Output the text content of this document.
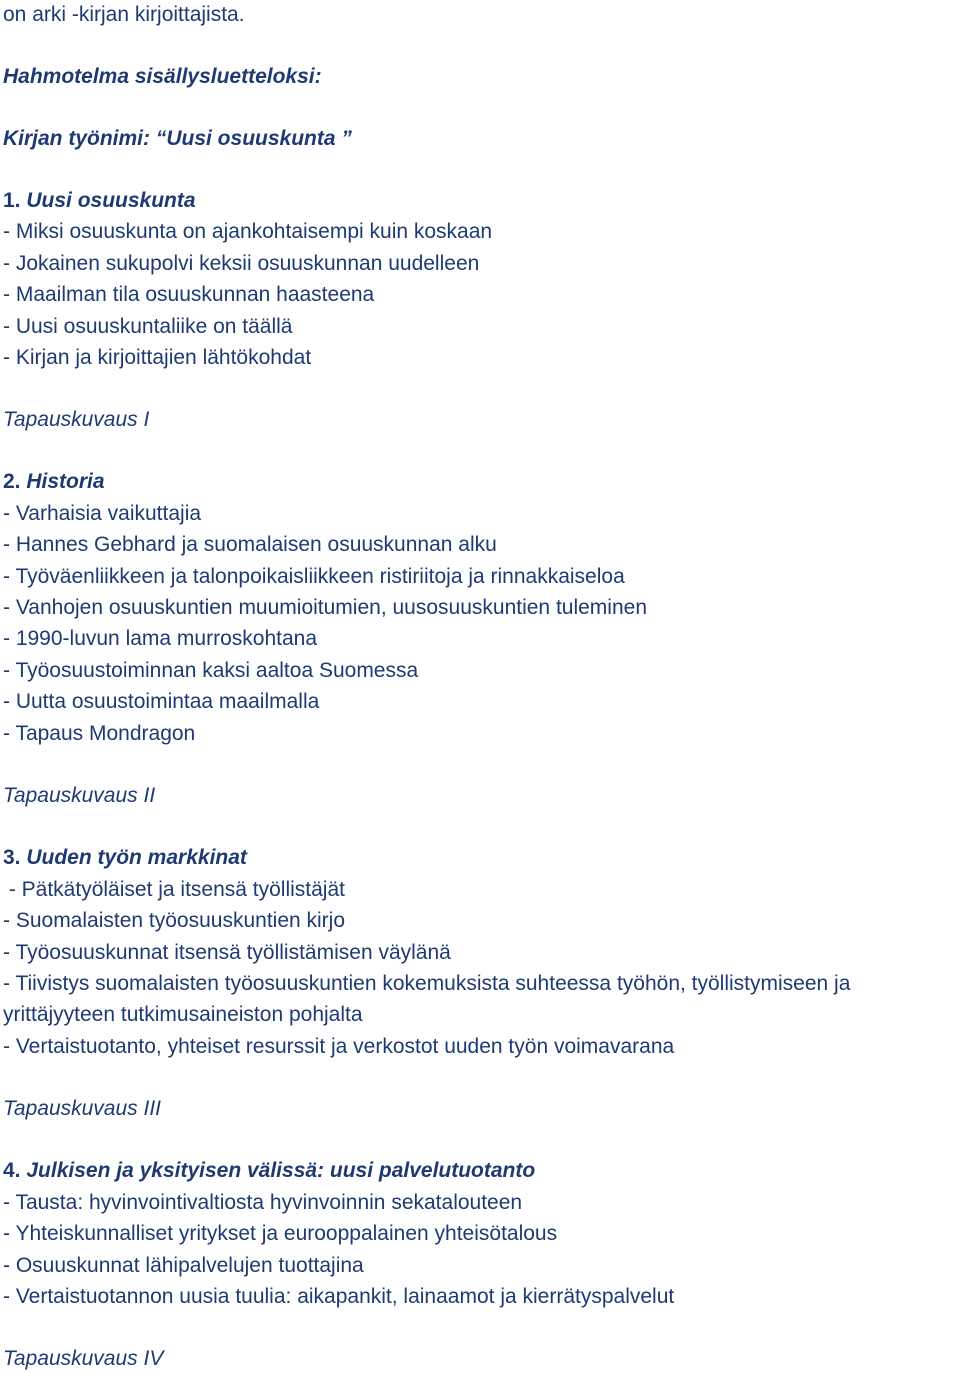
on arki -kirjan kirjoittajista.
Hahmotelma sisällysluetteloksi:
Kirjan työnimi: “Uusi osuuskunta ”
1. Uusi osuuskunta
- Miksi osuuskunta on ajankohtaisempi kuin koskaan
- Jokainen sukupolvi keksii osuuskunnan uudelleen
- Maailman tila osuuskunnan haasteena
- Uusi osuuskuntaliike on täällä
- Kirjan ja kirjoittajien lähtökohdat
Tapauskuvaus I
2. Historia
- Varhaisia vaikuttajia
- Hannes Gebhard ja suomalaisen osuuskunnan alku
- Työväenliikkeen ja talonpoikaisliikkeen ristiriitoja ja rinnakkaiseloa
- Vanhojen osuuskuntien muumioitumien, uusosuuskuntien tuleminen
- 1990-luvun lama murroskohtana
- Työosuustoiminnan kaksi aaltoa Suomessa
- Uutta osuustoimintaa maailmalla
- Tapaus Mondragon
Tapauskuvaus II
3. Uuden työn markkinat
- Pätkätyöläiset ja itsensä työllistäjät
- Suomalaisten työosuuskuntien kirjo
- Työosuuskunnat itsensä työllistämisen väylänä
- Tiivistys suomalaisten työosuuskuntien kokemuksista suhteessa työhön, työllistymiseen ja yrittäjyyteen tutkimusaineiston pohjalta
- Vertaistuotanto, yhteiset resurssit ja verkostot uuden työn voimavarana
Tapauskuvaus III
4. Julkisen ja yksityisen välissä: uusi palvelutuotanto
- Tausta: hyvinvointivaltiosta hyvinvoinnin sekatalouteen
- Yhteiskunnalliset yritykset ja eurooppalainen yhteisötalous
- Osuuskunnat lähipalvelujen tuottajina
- Vertaistuotannon uusia tuulia: aikapankit, lainaamot ja kierrätyspalvelut
Tapauskuvaus IV
